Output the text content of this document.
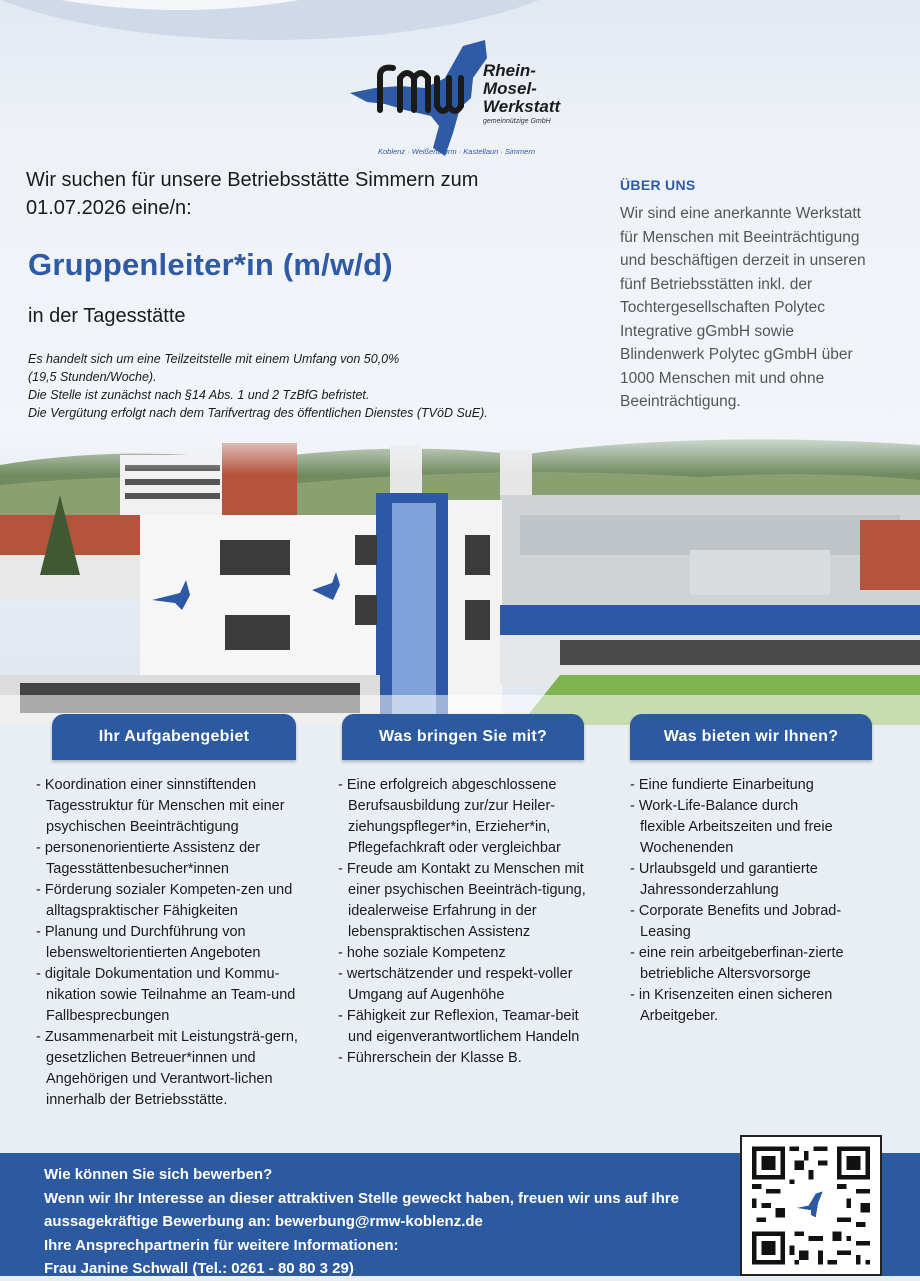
Rhein-
Mosel-
Werkstatt
gemeinnützige GmbH
Koblenz · Weißenthurm · Kastellaun · Simmern
Wir suchen für unsere Betriebsstätte Simmern zum
01.07.2026 eine/n:
Gruppenleiter*in (m/w/d)
in der Tagesstätte
Es handelt sich um eine Teilzeitstelle mit einem Umfang von 50,0%
(19,5 Stunden/Woche).
Die Stelle ist zunächst nach §14 Abs. 1 und 2 TzBfG befristet.
Die Vergütung erfolgt nach dem Tarifvertrag des öffentlichen Dienstes (TVöD SuE).
ÜBER UNS
Wir sind eine anerkannte Werkstatt
für Menschen mit Beeinträchtigung
und beschäftigen derzeit in unseren
fünf Betriebsstätten inkl. der
Tochtergesellschaften Polytec
Integrative gGmbH sowie
Blindenwerk Polytec gGmbH über
1000 Menschen mit und ohne
Beeinträchtigung.
Ihr Aufgabengebiet	Was bringen Sie mit?	Was bieten wir Ihnen?
- Koordination einer sinnstiftenden Tagesstruktur für Menschen mit einer psychischen Beeinträchtigung
- personenorientierte Assistenz der Tagesstättenbesucher*innen
- Förderung sozialer Kompeten-zen und alltagspraktischer Fähigkeiten
- Planung und Durchführung von lebensweltorientierten Angeboten
- digitale Dokumentation und Kommu-nikation sowie Teilnahme an Team-und Fallbesprecbungen
- Zusammenarbeit mit Leistungsträ-gern, gesetzlichen Betreuer*innen und Angehörigen und Verantwort-lichen innerhalb der Betriebsstätte.
- Eine erfolgreich abgeschlossene Berufsausbildung zur/zur Heiler-ziehungspfleger*in, Erzieher*in, Pflegefachkraft oder vergleichbar
- Freude am Kontakt zu Menschen mit einer psychischen Beeinträch-tigung, idealerweise Erfahrung in der lebenspraktischen Assistenz
- hohe soziale Kompetenz
- wertschätzender und respekt-voller Umgang auf Augenhöhe
- Fähigkeit zur Reflexion, Teamar-beit und eigenverantwortlichem Handeln
- Führerschein der Klasse B.
- Eine fundierte Einarbeitung
- Work-Life-Balance durch flexible Arbeitszeiten und freie Wochenenden
- Urlaubsgeld und garantierte Jahressonderzahlung
- Corporate Benefits und Jobrad-Leasing
- eine rein arbeitgeberfinan-zierte betriebliche Altersvorsorge
- in Krisenzeiten einen sicheren Arbeitgeber.
Wie können Sie sich bewerben?
Wenn wir Ihr Interesse an dieser attraktiven Stelle geweckt haben, freuen wir uns auf Ihre
aussagekräftige Bewerbung an: bewerbung@rmw-koblenz.de
Ihre Ansprechpartnerin für weitere Informationen:
Frau Janine Schwall (Tel.: 0261 - 80 80 3 29)
